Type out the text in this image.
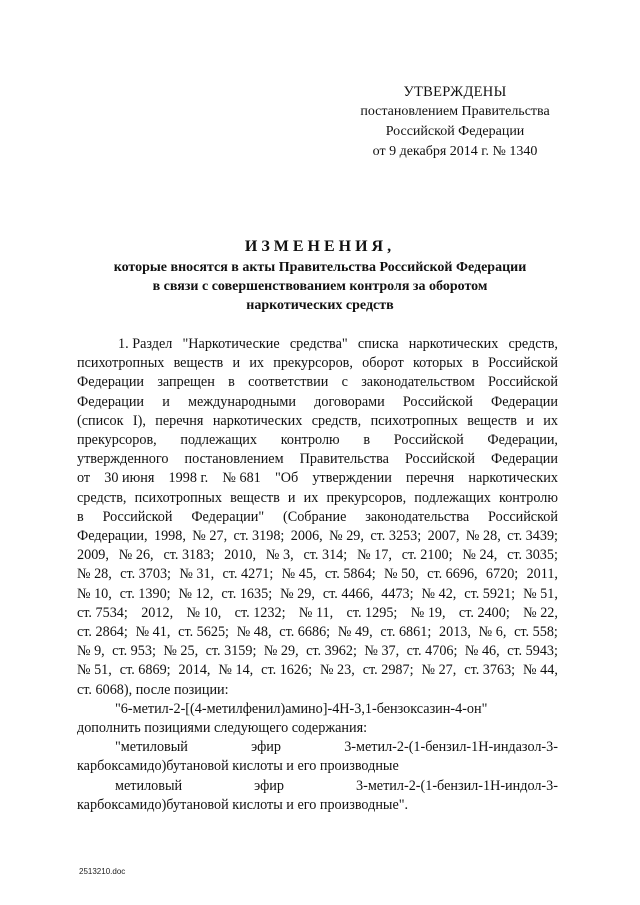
УТВЕРЖДЕНЫ
постановлением Правительства
Российской Федерации
от 9 декабря 2014 г. № 1340
ИЗМЕНЕНИЯ,
которые вносятся в акты Правительства Российской Федерации
в связи с совершенствованием контроля за оборотом
наркотических средств
1. Раздел "Наркотические средства" списка наркотических средств,
психотропных веществ и их прекурсоров, оборот которых в Российской
Федерации запрещен в соответствии с законодательством Российской
Федерации и международными договорами Российской Федерации
(список I), перечня наркотических средств, психотропных веществ и их
прекурсоров, подлежащих контролю в Российской Федерации,
утвержденного постановлением Правительства Российской Федерации
от 30 июня 1998 г. № 681 "Об утверждении перечня наркотических
средств, психотропных веществ и их прекурсоров, подлежащих контролю
в Российской Федерации" (Собрание законодательства Российской
Федерации, 1998, № 27, ст. 3198; 2006, № 29, ст. 3253; 2007, № 28, ст. 3439;
2009, № 26, ст. 3183; 2010, № 3, ст. 314; № 17, ст. 2100; № 24, ст. 3035;
№ 28, ст. 3703; № 31, ст. 4271; № 45, ст. 5864; № 50, ст. 6696, 6720; 2011,
№ 10, ст. 1390; № 12, ст. 1635; № 29, ст. 4466, 4473; № 42, ст. 5921; № 51,
ст. 7534; 2012, № 10, ст. 1232; № 11, ст. 1295; № 19, ст. 2400; № 22,
ст. 2864; № 41, ст. 5625; № 48, ст. 6686; № 49, ст. 6861; 2013, № 6, ст. 558;
№ 9, ст. 953; № 25, ст. 3159; № 29, ст. 3962; № 37, ст. 4706; № 46, ст. 5943;
№ 51, ст. 6869; 2014, № 14, ст. 1626; № 23, ст. 2987; № 27, ст. 3763; № 44,
ст. 6068), после позиции:
"6-метил-2-[(4-метилфенил)амино]-4Н-3,1-бензоксазин-4-он"
дополнить позициями следующего содержания:
"метиловый	эфир	3-метил-2-(1-бензил-1Н-индазол-3-
карбоксамидо)бутановой кислоты и его производные
метиловый	эфир	3-метил-2-(1-бензил-1Н-индол-3-
карбоксамидо)бутановой кислоты и его производные".
2513210.doc
